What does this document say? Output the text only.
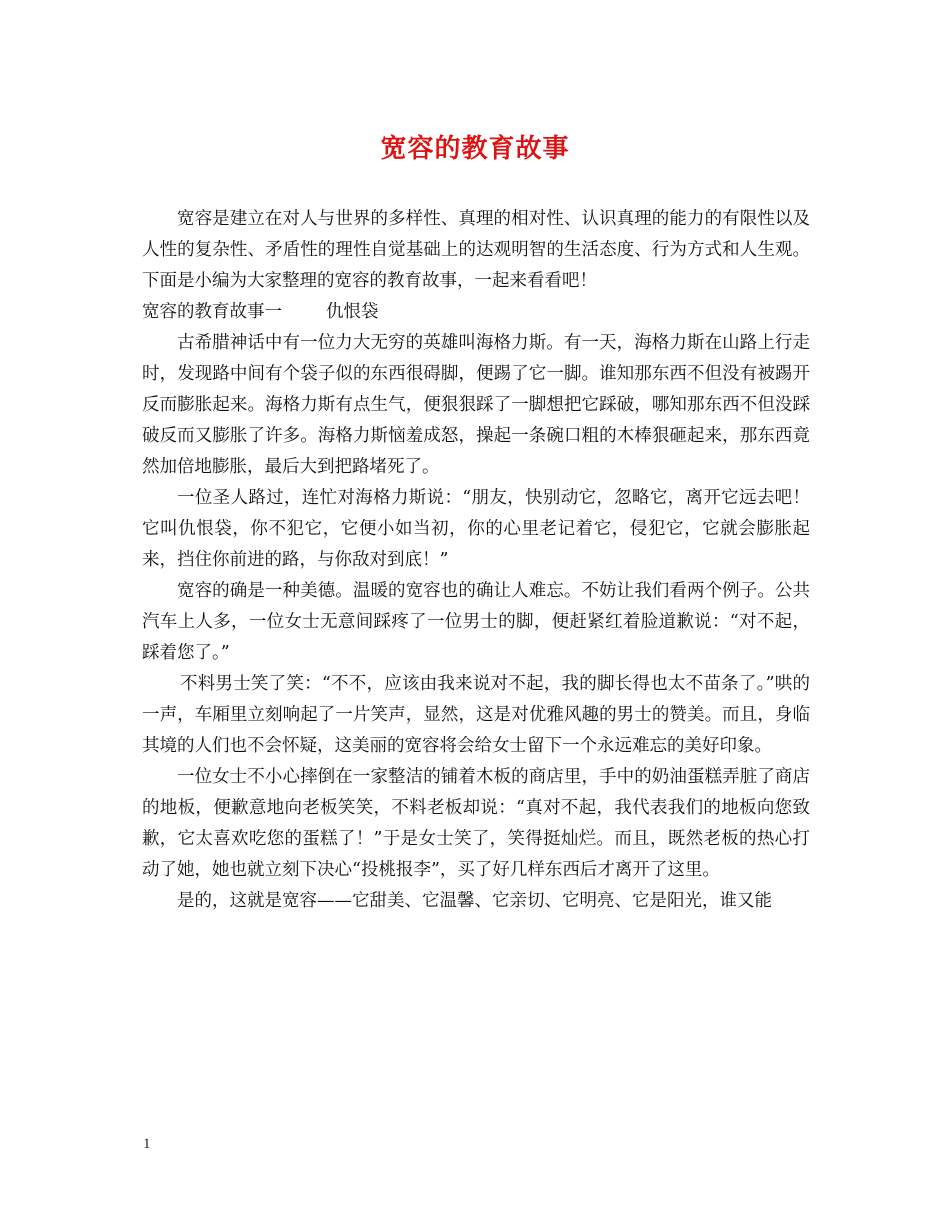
宽容的教育故事

宽容是建立在对人与世界的多样性、真理的相对性、认识真理的能力的有限性以及人性的复杂性、矛盾性的理性自觉基础上的达观明智的生活态度、行为方式和人生观。下面是小编为大家整理的宽容的教育故事，一起来看看吧！

宽容的教育故事一	仇恨袋

古希腊神话中有一位力大无穷的英雄叫海格力斯。有一天，海格力斯在山路上行走时，发现路中间有个袋子似的东西很碍脚，便踢了它一脚。谁知那东西不但没有被踢开反而膨胀起来。海格力斯有点生气，便狠狠踩了一脚想把它踩破，哪知那东西不但没踩破反而又膨胀了许多。海格力斯恼羞成怒，操起一条碗口粗的木棒狠砸起来，那东西竟然加倍地膨胀，最后大到把路堵死了。

一位圣人路过，连忙对海格力斯说：“朋友，快别动它，忽略它，离开它远去吧！它叫仇恨袋，你不犯它，它便小如当初，你的心里老记着它，侵犯它，它就会膨胀起来，挡住你前进的路，与你敌对到底！”

宽容的确是一种美德。温暖的宽容也的确让人难忘。不妨让我们看两个例子。公共汽车上人多，一位女士无意间踩疼了一位男士的脚，便赶紧红着脸道歉说：“对不起，踩着您了。”

不料男士笑了笑：“不不，应该由我来说对不起，我的脚长得也太不苗条了。”哄的一声，车厢里立刻响起了一片笑声，显然，这是对优雅风趣的男士的赞美。而且，身临其境的人们也不会怀疑，这美丽的宽容将会给女士留下一个永远难忘的美好印象。

一位女士不小心摔倒在一家整洁的铺着木板的商店里，手中的奶油蛋糕弄脏了商店的地板，便歉意地向老板笑笑，不料老板却说：“真对不起，我代表我们的地板向您致歉，它太喜欢吃您的蛋糕了！”于是女士笑了，笑得挺灿烂。而且，既然老板的热心打动了她，她也就立刻下决心“投桃报李”，买了好几样东西后才离开了这里。

是的，这就是宽容——它甜美、它温馨、它亲切、它明亮、它是阳光，谁又能

1
